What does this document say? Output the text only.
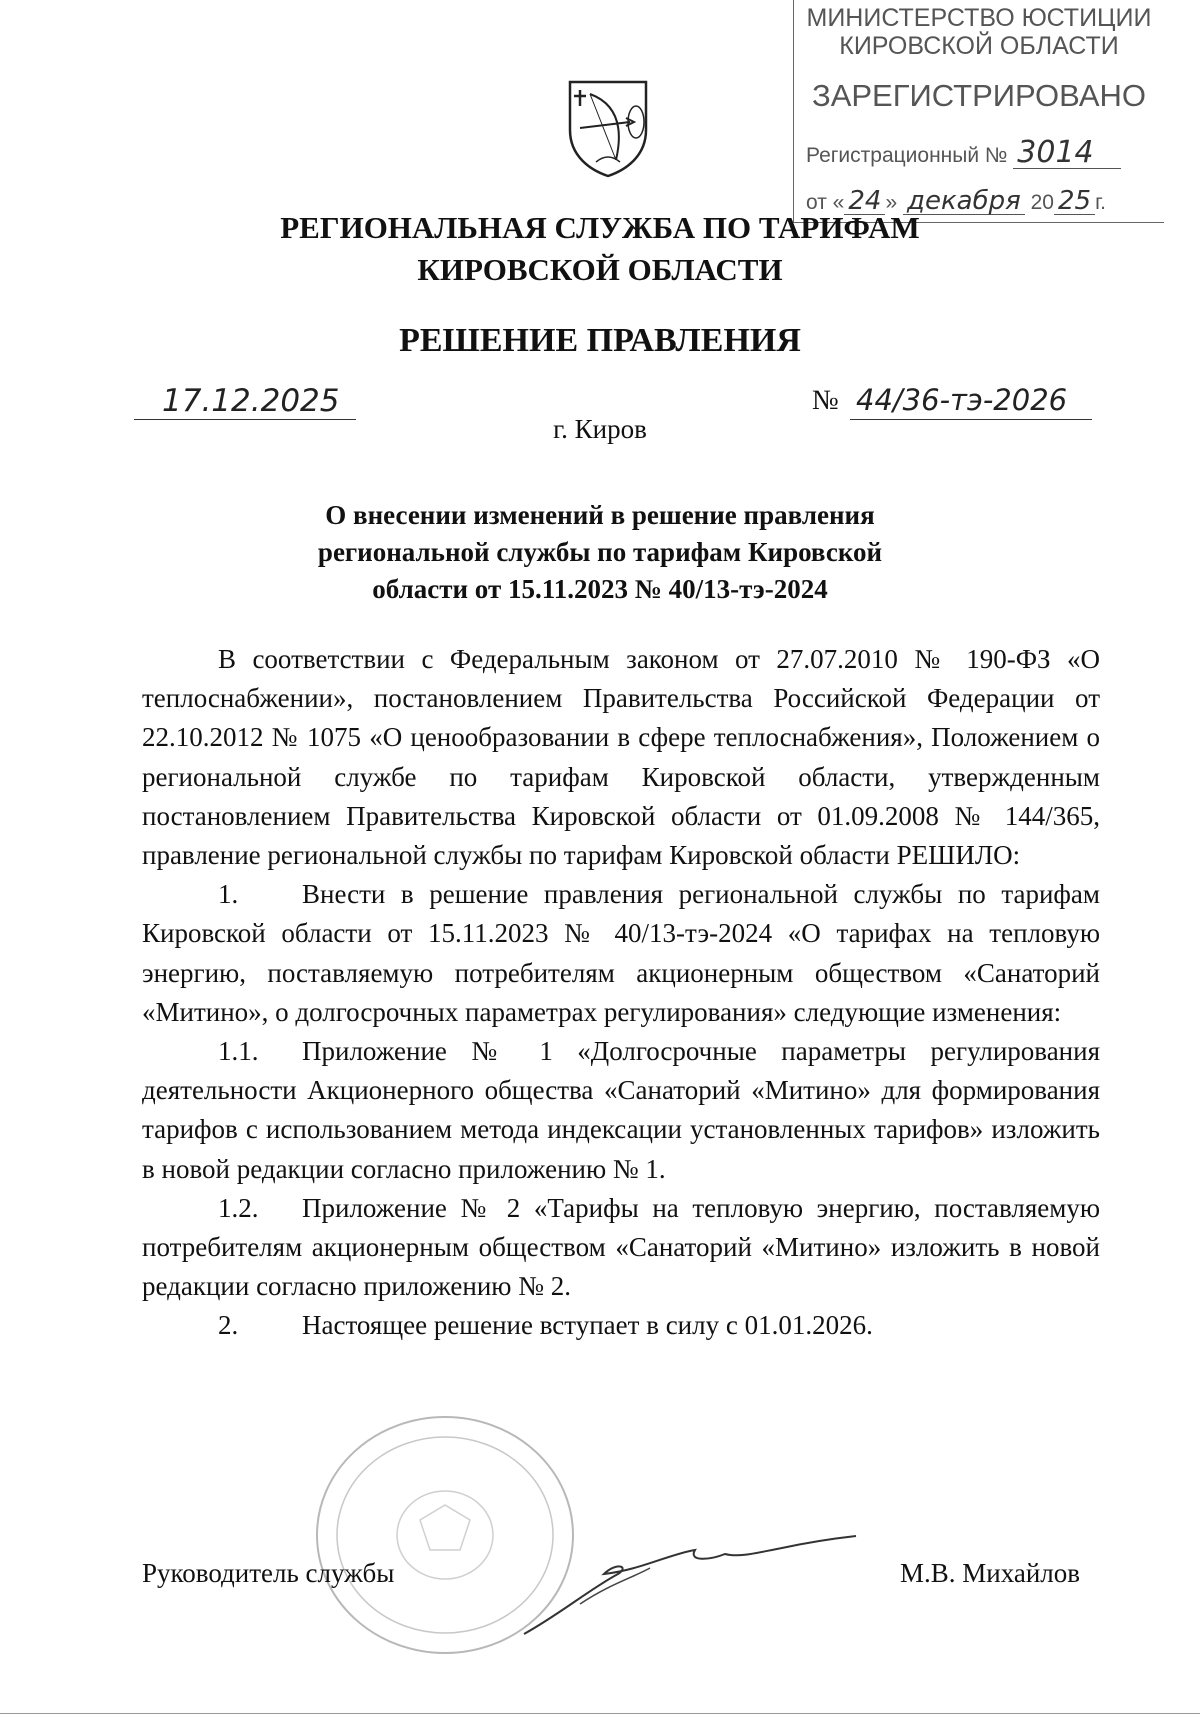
МИНИСТЕРСТВО ЮСТИЦИИ
КИРОВСКОЙ ОБЛАСТИ
ЗАРЕГИСТРИРОВАНО
Регистрационный № 3014
от « 24 » декабря 20 25 г.
РЕГИОНАЛЬНАЯ СЛУЖБА ПО ТАРИФАМ
КИРОВСКОЙ ОБЛАСТИ
РЕШЕНИЕ ПРАВЛЕНИЯ
17.12.2025	№ 44/36-тэ-2026
г. Киров
О внесении изменений в решение правления
региональной службы по тарифам Кировской
области от 15.11.2023 № 40/13-тэ-2024

В соответствии с Федеральным законом от 27.07.2010 № 190-ФЗ «О теплоснабжении», постановлением Правительства Российской Федерации от 22.10.2012 № 1075 «О ценообразовании в сфере теплоснабжения», Положением о региональной службе по тарифам Кировской области, утвержденным постановлением Правительства Кировской области от 01.09.2008 № 144/365, правление региональной службы по тарифам Кировской области РЕШИЛО:

1. Внести в решение правления региональной службы по тарифам Кировской области от 15.11.2023 № 40/13-тэ-2024 «О тарифах на тепловую энергию, поставляемую потребителям акционерным обществом «Санаторий «Митино», о долгосрочных параметрах регулирования» следующие изменения:

1.1. Приложение № 1 «Долгосрочные параметры регулирования деятельности Акционерного общества «Санаторий «Митино» для формирования тарифов с использованием метода индексации установленных тарифов» изложить в новой редакции согласно приложению № 1.

1.2. Приложение № 2 «Тарифы на тепловую энергию, поставляемую потребителям акционерным обществом «Санаторий «Митино» изложить в новой редакции согласно приложению № 2.

2. Настоящее решение вступает в силу с 01.01.2026.

Руководитель службы	М.В. Михайлов
